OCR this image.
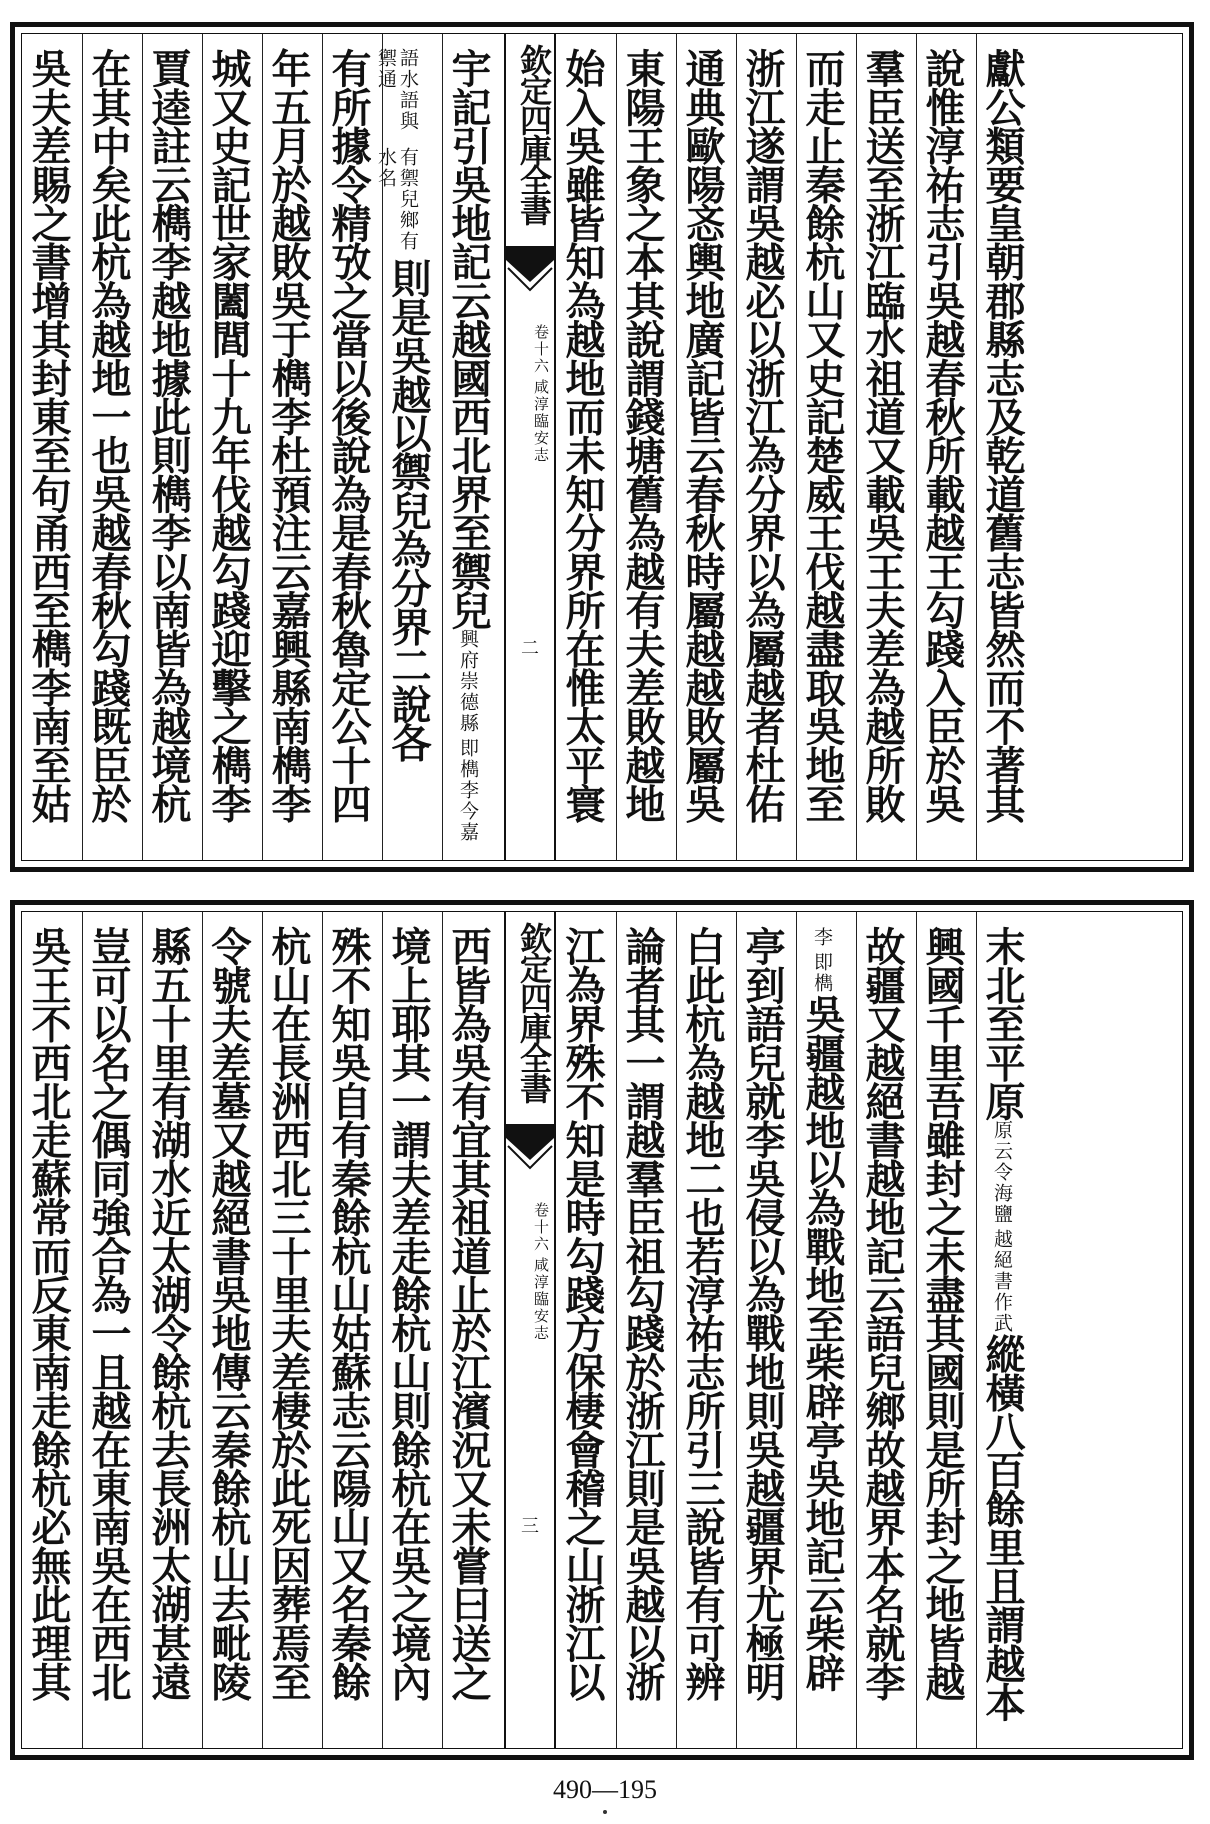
吳夫差賜之書增其封東至句甬西至檇李南至姑 在其中矣此杭為越地一也吳越春秋勾踐既臣於 賈逵註云檇李越地據此則檇李以南皆為越境杭 城又史記世家闔閭十九年伐越勾踐迎擊之檇李 年五月於越敗吳于檇李杜預注云嘉興縣南檇李 有所據令精攷之當以後說為是春秋魯定公十四	有禦兒鄉有水名
語水語與禦通
則是吳越以禦兒為分界二說各 宇記引吳地記云越國西北界至禦兒
即檇李今嘉
興府崇德縣
欽定四庫全書
咸淳臨安志
卷十六
二 始入吳雖皆知為越地而未知分界所在惟太平寰 東陽王象之本其說謂錢塘舊為越有夫差敗越地 通典歐陽忞輿地廣記皆云春秋時屬越越敗屬吳 浙江遂謂吳越必以浙江為分界以為屬越者杜佑 而走止秦餘杭山又史記楚威王伐越盡取吳地至 羣臣送至浙江臨水祖道又載吳王夫差為越所敗 說惟淳祐志引吳越春秋所載越王勾踐入臣於吳 獻公類要皇朝郡縣志及乾道舊志皆然而不著其
吳王不西北走蘇常而反東南走餘杭必無此理其 豈可以名之偶同強合為一且越在東南吳在西北 縣五十里有湖水近太湖令餘杭去長洲太湖甚遠 令號夫差墓又越絕書吳地傳云秦餘杭山去毗陵 杭山在長洲西北三十里夫差棲於此死因葬焉至 殊不知吳自有秦餘杭山姑蘇志云陽山又名秦餘 境上耶其一謂夫差走餘杭山則餘杭在吳之境內 西皆為吳有宜其祖道止於江濱況又未嘗曰送之 欽定四庫全書
咸淳臨安志
卷十六
三 江為界殊不知是時勾踐方保棲會稽之山浙江以 論者其一謂越羣臣祖勾踐於浙江則是吳越以浙 白此杭為越地二也若淳祐志所引三說皆有可辨 亭到語兒就李吳侵以為戰地則吳越疆界尤極明	即檇
李
吳疆越地以為戰地至柴辟亭吳地記云柴辟 故疆又越絕書越地記云語兒鄉故越界本名就李 興國千里吾雖封之未盡其國則是所封之地皆越 末北至平原
越絕書作武
原云令海鹽
縱橫八百餘里且謂越本
490—195
